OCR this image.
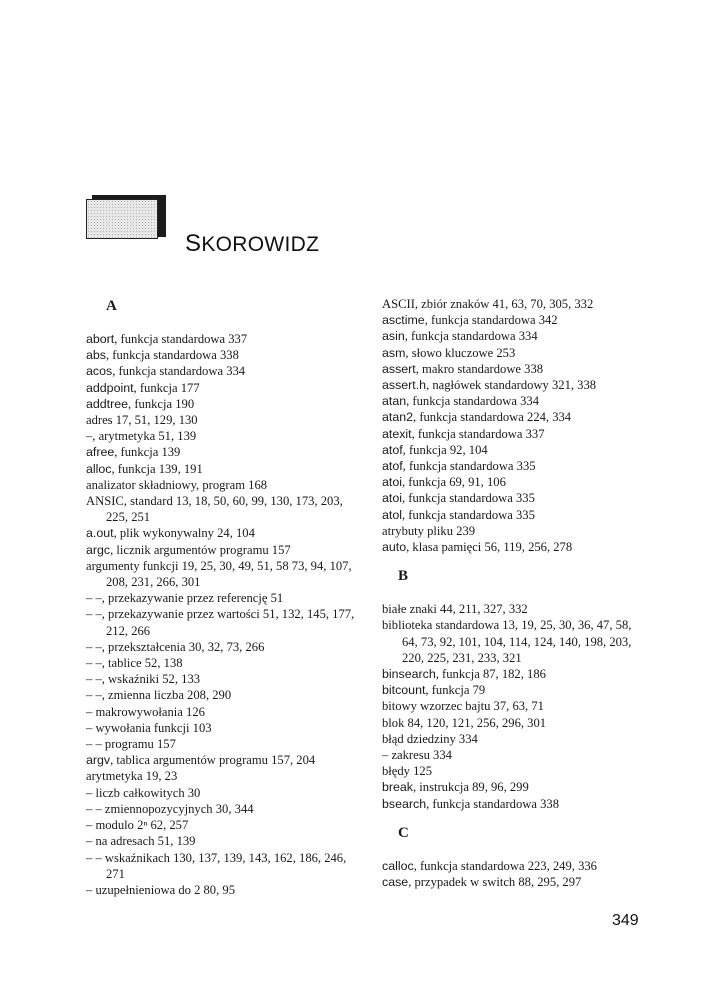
SKOROWIDZ
A
abort, funkcja standardowa 337
abs, funkcja standardowa 338
acos, funkcja standardowa 334
addpoint, funkcja 177
addtree, funkcja 190
adres 17, 51, 129, 130
–, arytmetyka 51, 139
afree, funkcja 139
alloc, funkcja 139, 191
analizator składniowy, program 168
ANSIC, standard 13, 18, 50, 60, 99, 130, 173, 203, 225, 251
a.out, plik wykonywalny 24, 104
argc, licznik argumentów programu 157
argumenty funkcji 19, 25, 30, 49, 51, 58 73, 94, 107, 208, 231, 266, 301
– –, przekazywanie przez referencję 51
– –, przekazywanie przez wartości 51, 132, 145, 177, 212, 266
– –, przekształcenia 30, 32, 73, 266
– –, tablice 52, 138
– –, wskaźniki 52, 133
– –, zmienna liczba 208, 290
– makrowywołania 126
– wywołania funkcji 103
– – programu 157
argv, tablica argumentów programu 157, 204
arytmetyka 19, 23
– liczb całkowitych 30
– – zmiennopozycyjnych 30, 344
– modulo 2ⁿ 62, 257
– na adresach 51, 139
– – wskaźnikach 130, 137, 139, 143, 162, 186, 246, 271
– uzupełnieniowa do 2 80, 95
ASCII, zbiór znaków 41, 63, 70, 305, 332
asctime, funkcja standardowa 342
asin, funkcja standardowa 334
asm, słowo kluczowe 253
assert, makro standardowe 338
assert.h, nagłówek standardowy 321, 338
atan, funkcja standardowa 334
atan2, funkcja standardowa 224, 334
atexit, funkcja standardowa 337
atof, funkcja 92, 104
atof, funkcja standardowa 335
atoi, funkcja 69, 91, 106
atoi, funkcja standardowa 335
atol, funkcja standardowa 335
atrybuty pliku 239
auto, klasa pamięci 56, 119, 256, 278
B
białe znaki 44, 211, 327, 332
biblioteka standardowa 13, 19, 25, 30, 36, 47, 58, 64, 73, 92, 101, 104, 114, 124, 140, 198, 203, 220, 225, 231, 233, 321
binsearch, funkcja 87, 182, 186
bitcount, funkcja 79
bitowy wzorzec bajtu 37, 63, 71
blok 84, 120, 121, 256, 296, 301
błąd dziedziny 334
– zakresu 334
błędy 125
break, instrukcja 89, 96, 299
bsearch, funkcja standardowa 338
C
calloc, funkcja standardowa 223, 249, 336
case, przypadek w switch 88, 295, 297
349
